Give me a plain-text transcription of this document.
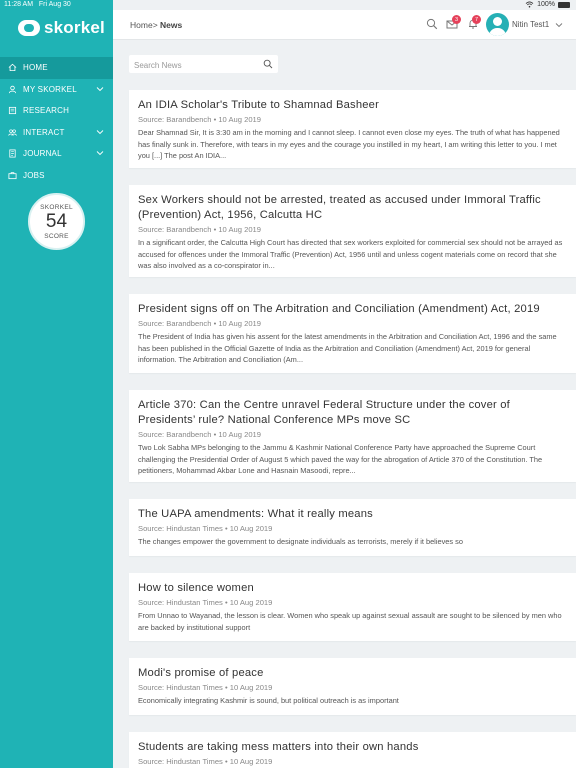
skorkel
HOME
MY SKORKEL
RESEARCH
INTERACT
JOURNAL
JOBS
SKORKEL
54
SCORE
11:28 AM Fri Aug 30	100%
Home> News
3	7
Nitin Test1
Search News
An IDIA Scholar's Tribute to Shamnad Basheer
Source: Barandbench • 10 Aug 2019
Dear Shamnad Sir, It is 3:30 am in the morning and I cannot sleep. I cannot even close my eyes. The truth of what has happened has finally sunk in. Therefore, with tears in my eyes and the courage you instilled in my heart, I am writing this letter to you. I met you [...] The post An IDIA...
Sex Workers should not be arrested, treated as accused under Immoral Traffic (Prevention) Act, 1956, Calcutta HC
Source: Barandbench • 10 Aug 2019
In a significant order, the Calcutta High Court has directed that sex workers exploited for commercial sex should not be arrayed as accused for offences under the Immoral Traffic (Prevention) Act, 1956 until and unless cogent materials come on record that she was also involved as a co-conspirator in...
President signs off on The Arbitration and Conciliation (Amendment) Act, 2019
Source: Barandbench • 10 Aug 2019
The President of India has given his assent for the latest amendments in the Arbitration and Conciliation Act, 1996 and the same has been published in the Official Gazette of India as the Arbitration and Conciliation (Amendment) Act, 2019 for general information. The Arbitration and Conciliation (Am...
Article 370: Can the Centre unravel Federal Structure under the cover of Presidents’ rule? National Conference MPs move SC
Source: Barandbench • 10 Aug 2019
Two Lok Sabha MPs belonging to the Jammu & Kashmir National Conference Party have approached the Supreme Court challenging the Presidential Order of August 5 which paved the way for the abrogation of Article 370 of the Constitution. The petitioners, Mohammad Akbar Lone and Hasnain Masoodi, repre...
The UAPA amendments: What it really means
Source: Hindustan Times • 10 Aug 2019
The changes empower the government to designate individuals as terrorists, merely if it believes so
How to silence women
Source: Hindustan Times • 10 Aug 2019
From Unnao to Wayanad, the lesson is clear. Women who speak up against sexual assault are sought to be silenced by men who are backed by institutional support
Modi's promise of peace
Source: Hindustan Times • 10 Aug 2019
Economically integrating Kashmir is sound, but political outreach is as important
Students are taking mess matters into their own hands
Source: Hindustan Times • 10 Aug 2019
